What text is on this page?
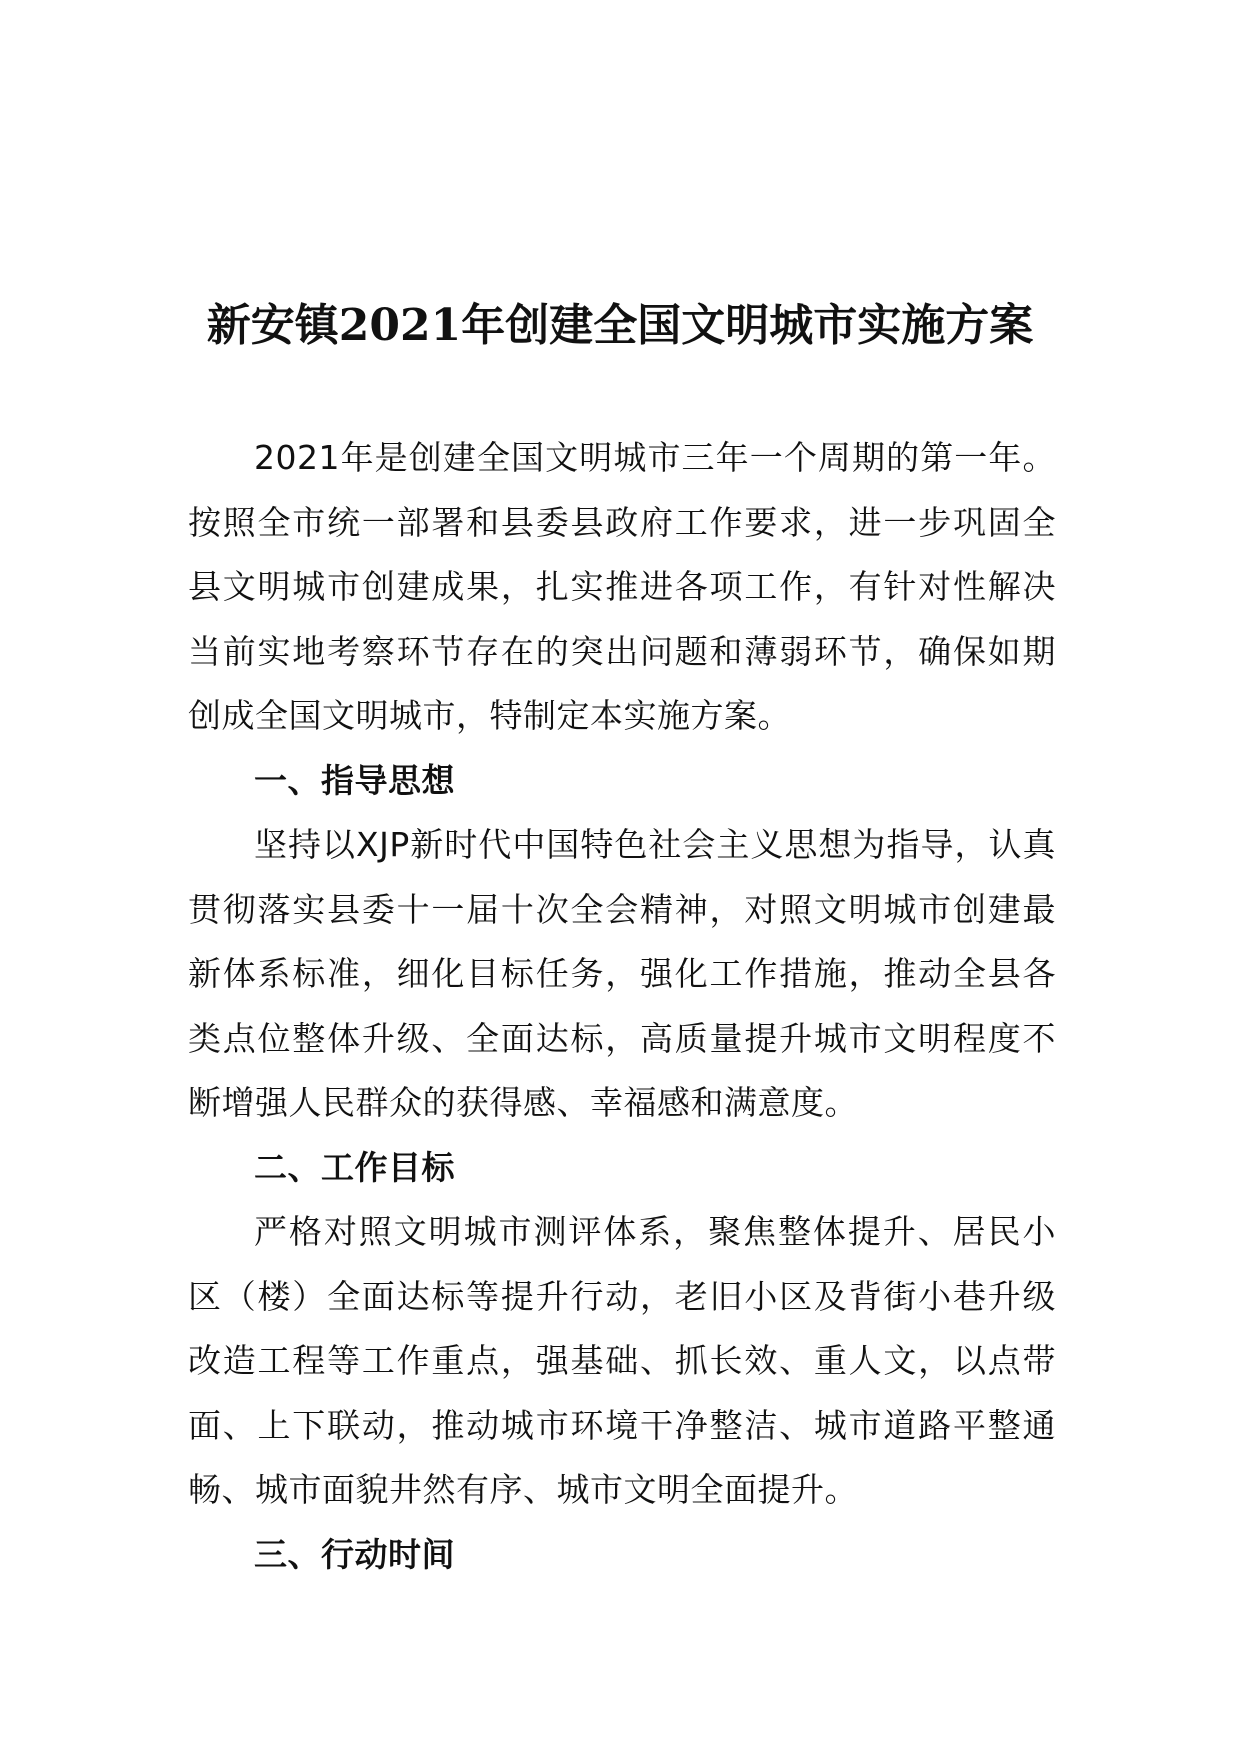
新安镇2021年创建全国文明城市实施方案

2021年是创建全国文明城市三年一个周期的第一年。按照全市统一部署和县委县政府工作要求，进一步巩固全县文明城市创建成果，扎实推进各项工作，有针对性解决当前实地考察环节存在的突出问题和薄弱环节，确保如期创成全国文明城市，特制定本实施方案。

一、指导思想

坚持以XJP新时代中国特色社会主义思想为指导，认真贯彻落实县委十一届十次全会精神，对照文明城市创建最新体系标准，细化目标任务，强化工作措施，推动全县各类点位整体升级、全面达标，高质量提升城市文明程度不断增强人民群众的获得感、幸福感和满意度。

二、工作目标

严格对照文明城市测评体系，聚焦整体提升、居民小区（楼）全面达标等提升行动，老旧小区及背街小巷升级改造工程等工作重点，强基础、抓长效、重人文，以点带面、上下联动，推动城市环境干净整洁、城市道路平整通畅、城市面貌井然有序、城市文明全面提升。

三、行动时间
